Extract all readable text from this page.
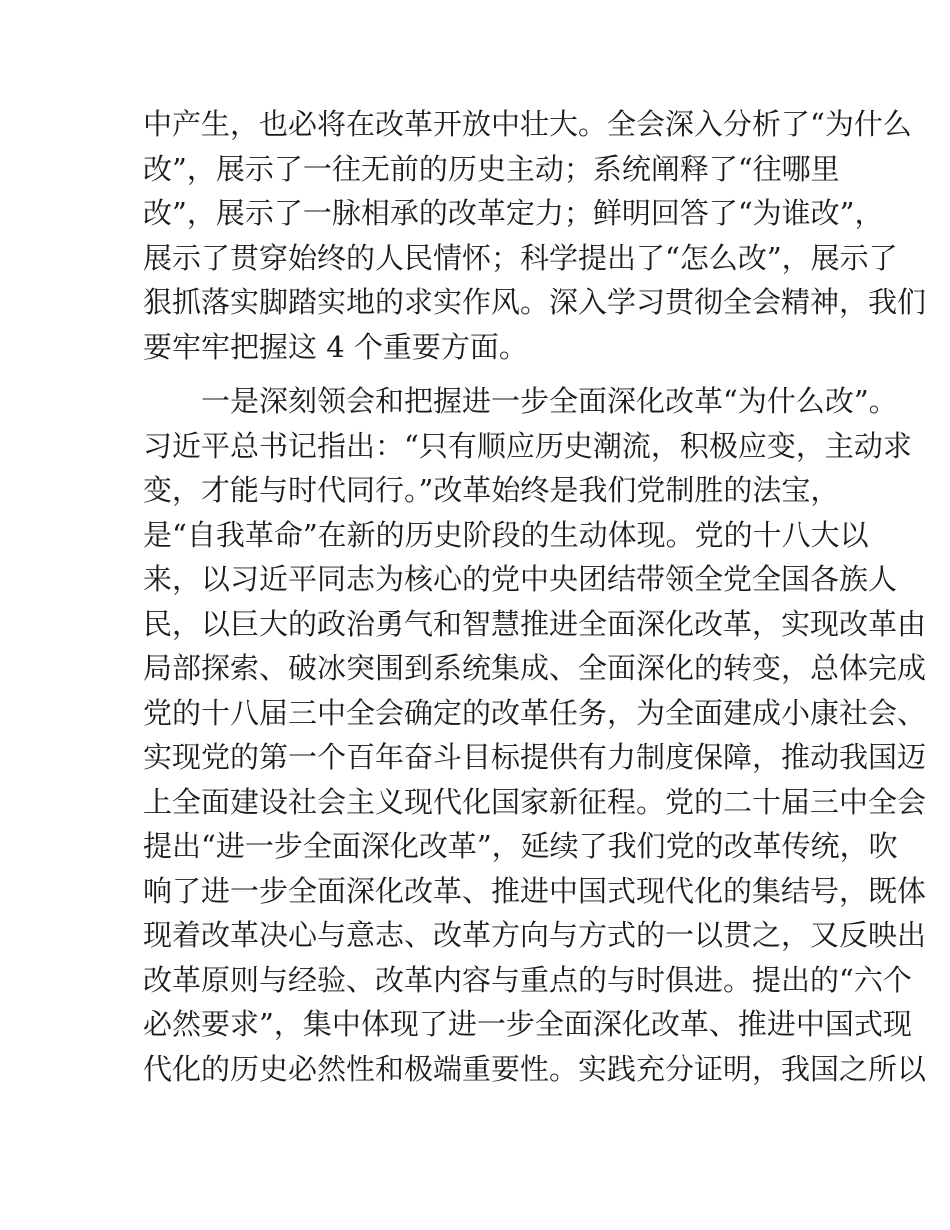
中产生，也必将在改革开放中壮大。全会深入分析了“为什么
改”，展示了一往无前的历史主动；系统阐释了“往哪里
改”，展示了一脉相承的改革定力；鲜明回答了“为谁改”，
展示了贯穿始终的人民情怀；科学提出了“怎么改”，展示了
狠抓落实脚踏实地的求实作风。深入学习贯彻全会精神，我们
要牢牢把握这 4 个重要方面。
一是深刻领会和把握进一步全面深化改革“为什么改”。
习近平总书记指出：“只有顺应历史潮流，积极应变，主动求
变，才能与时代同行。”改革始终是我们党制胜的法宝，
是“自我革命”在新的历史阶段的生动体现。党的十八大以
来，以习近平同志为核心的党中央团结带领全党全国各族人
民，以巨大的政治勇气和智慧推进全面深化改革，实现改革由
局部探索、破冰突围到系统集成、全面深化的转变，总体完成
党的十八届三中全会确定的改革任务，为全面建成小康社会、
实现党的第一个百年奋斗目标提供有力制度保障，推动我国迈
上全面建设社会主义现代化国家新征程。党的二十届三中全会
提出“进一步全面深化改革”，延续了我们党的改革传统，吹
响了进一步全面深化改革、推进中国式现代化的集结号，既体
现着改革决心与意志、改革方向与方式的一以贯之，又反映出
改革原则与经验、改革内容与重点的与时俱进。提出的“六个
必然要求”，集中体现了进一步全面深化改革、推进中国式现
代化的历史必然性和极端重要性。实践充分证明，我国之所以
